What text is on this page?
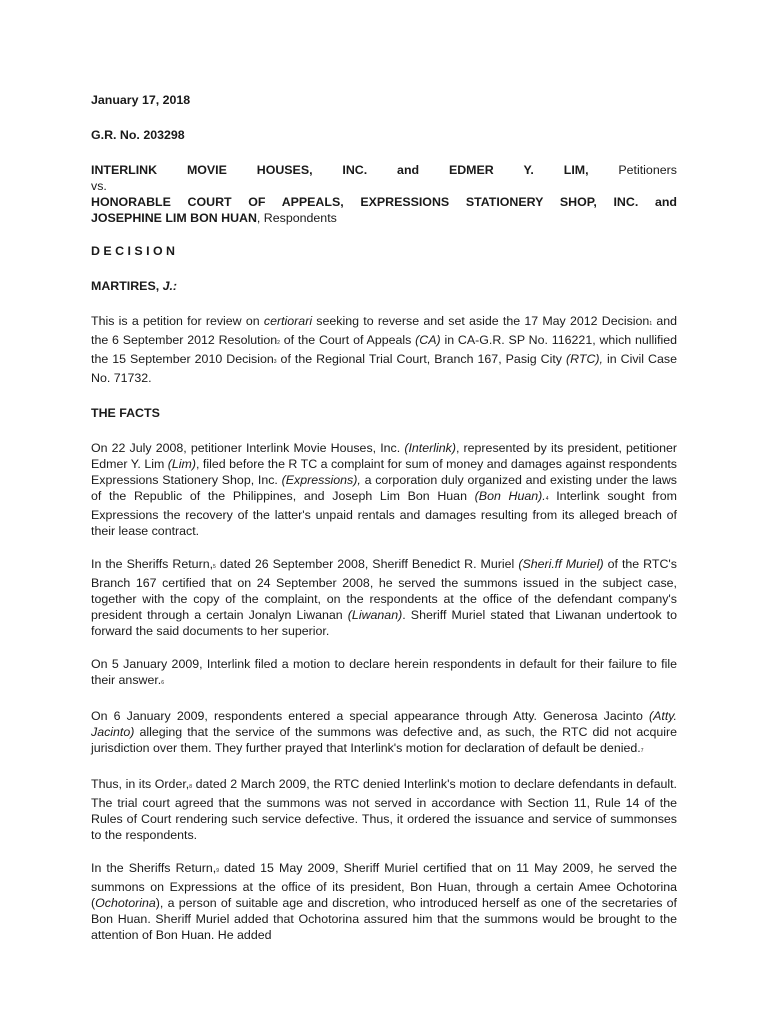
January 17, 2018

G.R. No. 203298

INTERLINK MOVIE HOUSES, INC. and EDMER Y. LIM, Petitioners

vs.

HONORABLE COURT OF APPEALS, EXPRESSIONS STATIONERY SHOP, INC. and

JOSEPHINE LIM BON HUAN, Respondents

D E C I S I O N

MARTIRES, J.:

This is a petition for review on certiorari seeking to reverse and set aside the 17 May 2012 Decision1 and the 6 September 2012 Resolution2 of the Court of Appeals (CA) in CA-G.R. SP No. 116221, which nullified the 15 September 2010 Decision3 of the Regional Trial Court, Branch 167, Pasig City (RTC), in Civil Case No. 71732.

THE FACTS

On 22 July 2008, petitioner Interlink Movie Houses, Inc. (Interlink), represented by its president, petitioner Edmer Y. Lim (Lim), filed before the R TC a complaint for sum of money and damages against respondents Expressions Stationery Shop, Inc. (Expressions), a corporation duly organized and existing under the laws of the Republic of the Philippines, and Joseph Lim Bon Huan (Bon Huan).4 Interlink sought from Expressions the recovery of the latter's unpaid rentals and damages resulting from its alleged breach of their lease contract.

In the Sheriffs Return,5 dated 26 September 2008, Sheriff Benedict R. Muriel (Sheri.ff Muriel) of the RTC's Branch 167 certified that on 24 September 2008, he served the summons issued in the subject case, together with the copy of the complaint, on the respondents at the office of the defendant company's president through a certain Jonalyn Liwanan (Liwanan). Sheriff Muriel stated that Liwanan undertook to forward the said documents to her superior.

On 5 January 2009, Interlink filed a motion to declare herein respondents in default for their failure to file their answer.6

On 6 January 2009, respondents entered a special appearance through Atty. Generosa Jacinto (Atty. Jacinto) alleging that the service of the summons was defective and, as such, the RTC did not acquire jurisdiction over them. They further prayed that Interlink's motion for declaration of default be denied.7

Thus, in its Order,8 dated 2 March 2009, the RTC denied Interlink's motion to declare defendants in default. The trial court agreed that the summons was not served in accordance with Section 11, Rule 14 of the Rules of Court rendering such service defective. Thus, it ordered the issuance and service of summonses to the respondents.

In the Sheriffs Return,9 dated 15 May 2009, Sheriff Muriel certified that on 11 May 2009, he served the summons on Expressions at the office of its president, Bon Huan, through a certain Amee Ochotorina (Ochotorina), a person of suitable age and discretion, who introduced herself as one of the secretaries of Bon Huan. Sheriff Muriel added that Ochotorina assured him that the summons would be brought to the attention of Bon Huan. He added
